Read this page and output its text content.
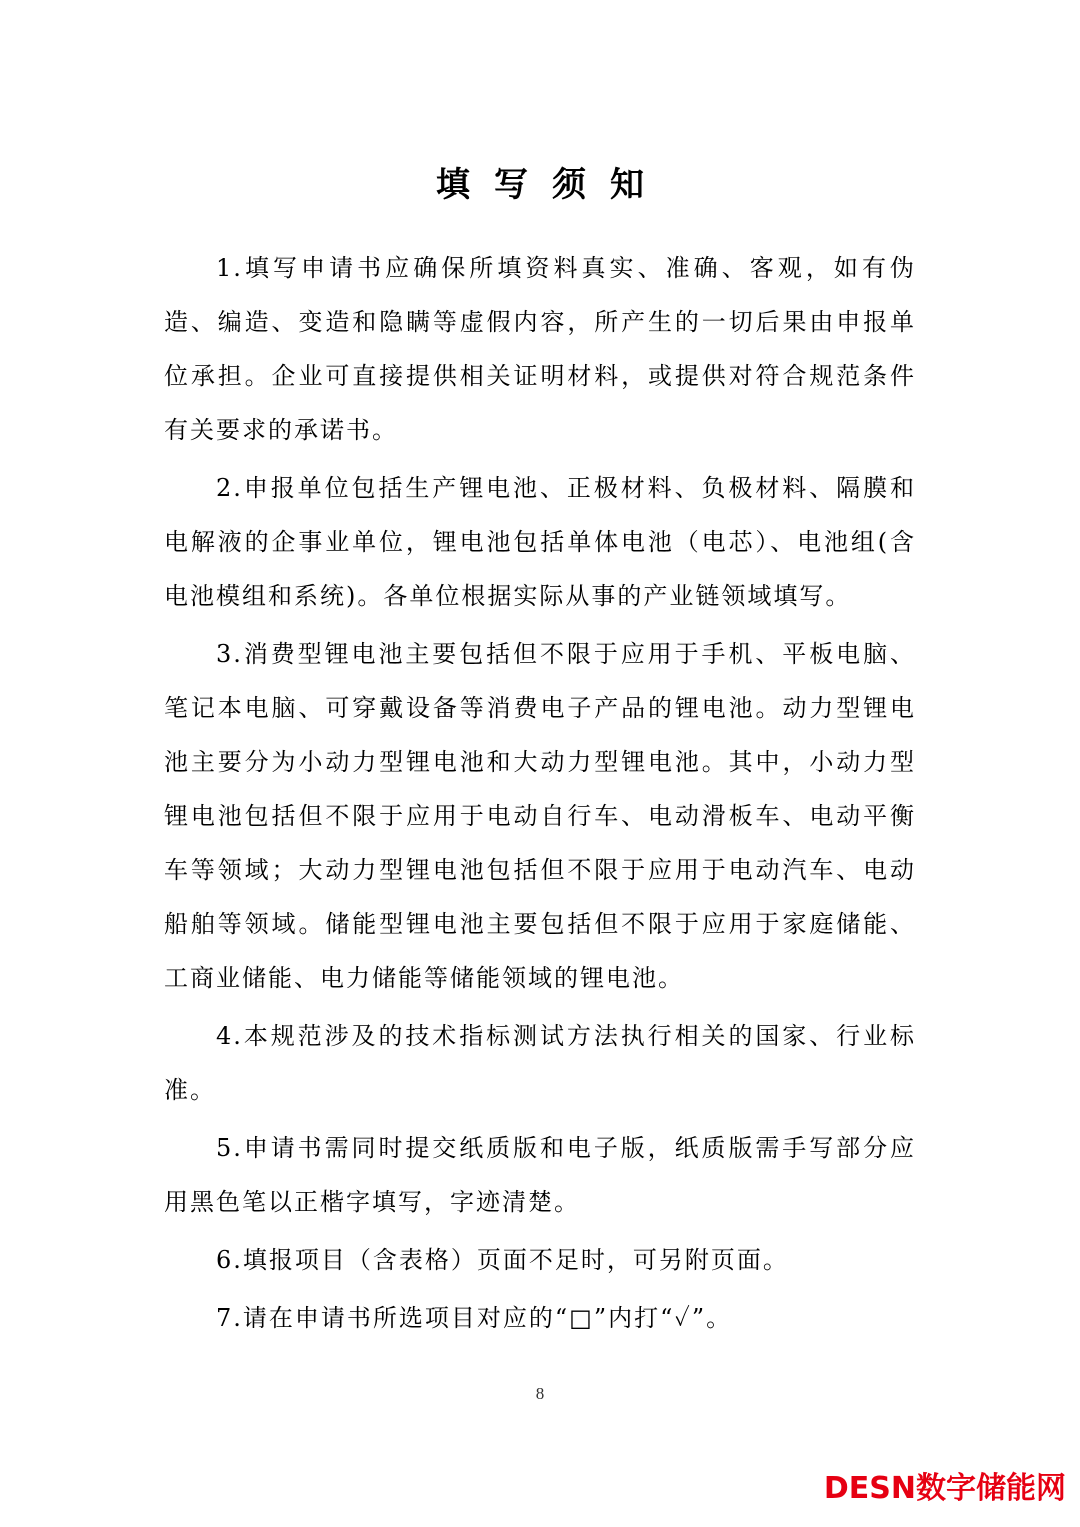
填写须知

1.填写申请书应确保所填资料真实、准确、客观，如有伪造、编造、变造和隐瞒等虚假内容，所产生的一切后果由申报单位承担。企业可直接提供相关证明材料，或提供对符合规范条件有关要求的承诺书。

2.申报单位包括生产锂电池、正极材料、负极材料、隔膜和电解液的企事业单位，锂电池包括单体电池（电芯）、电池组(含电池模组和系统)。各单位根据实际从事的产业链领域填写。

3.消费型锂电池主要包括但不限于应用于手机、平板电脑、笔记本电脑、可穿戴设备等消费电子产品的锂电池。动力型锂电池主要分为小动力型锂电池和大动力型锂电池。其中，小动力型锂电池包括但不限于应用于电动自行车、电动滑板车、电动平衡车等领域；大动力型锂电池包括但不限于应用于电动汽车、电动船舶等领域。储能型锂电池主要包括但不限于应用于家庭储能、工商业储能、电力储能等储能领域的锂电池。

4.本规范涉及的技术指标测试方法执行相关的国家、行业标准。

5.申请书需同时提交纸质版和电子版，纸质版需手写部分应用黑色笔以正楷字填写，字迹清楚。

6.填报项目（含表格）页面不足时，可另附页面。

7.请在申请书所选项目对应的“□”内打“✓”。

8
DESN数字储能网
